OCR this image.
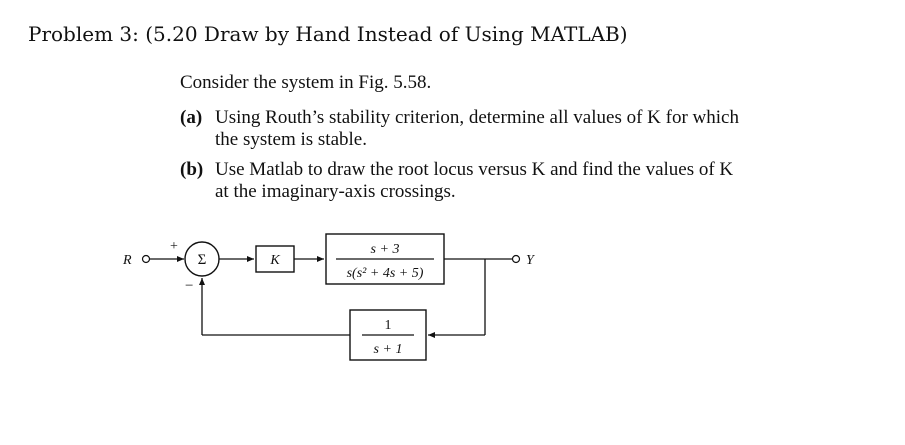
Problem 3: (5.20 Draw by Hand Instead of Using MATLAB)
Consider the system in Fig. 5.58.
(a) Using Routh’s stability criterion, determine all values of K for which
the system is stable.
(b) Use Matlab to draw the root locus versus K and find the values of K
at the imaginary-axis crossings.
R
+
Σ
−
K
s + 3
s(s² + 4s + 5)
Y
1
s + 1
